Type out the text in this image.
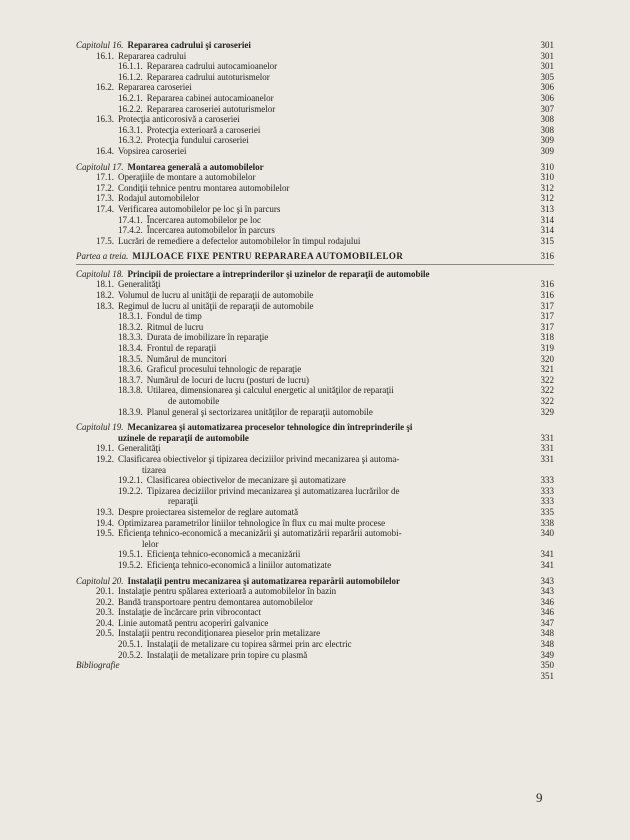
Capitolul 16. Repararea cadrului şi caroseriei	301
16.1. Repararea cadrului	301
16.1.1. Repararea cadrului autocamioanelor	301
16.1.2. Repararea cadrului autoturismelor	305
16.2. Repararea caroseriei	306
16.2.1. Repararea cabinei autocamioanelor	306
16.2.2. Repararea caroseriei autoturismelor	307
16.3. Protecţia anticorosivă a caroseriei	308
16.3.1. Protecţia exterioară a caroseriei	308
16.3.2. Protecţia fundului caroseriei	309
16.4. Vopsirea caroseriei	309
Capitolul 17. Montarea generală a automobilelor	310
17.1. Operaţiile de montare a automobilelor	310
17.2. Condiţii tehnice pentru montarea automobilelor	312
17.3. Rodajul automobilelor	312
17.4. Verificarea automobilelor pe loc şi în parcurs	313
17.4.1. Încercarea automobilelor pe loc	314
17.4.2. Încercarea automobilelor în parcurs	314
17.5. Lucrări de remediere a defectelor automobilelor în timpul rodajului	315
Partea a treia. MIJLOACE FIXE PENTRU REPARAREA AUTOMOBILELOR	316
Capitolul 18. Principii de proiectare a întreprinderilor şi uzinelor de reparaţii de automobile
18.1. Generalităţi	316
18.2. Volumul de lucru al unităţii de reparaţii de automobile	316
18.3. Regimul de lucru al unităţii de reparaţii de automobile	317
18.3.1. Fondul de timp	317
18.3.2. Ritmul de lucru	317
18.3.3. Durata de imobilizare în reparaţie	318
18.3.4. Frontul de reparaţii	319
18.3.5. Numărul de muncitori	320
18.3.6. Graficul procesului tehnologic de reparaţie	321
18.3.7. Numărul de locuri de lucru (posturi de lucru)	322
18.3.8. Utilarea, dimensionarea şi calculul energetic al unităţilor de reparaţii	322
de automobile	322
18.3.9. Planul general şi sectorizarea unităţilor de reparaţii automobile	329
Capitolul 19. Mecanizarea şi automatizarea proceselor tehnologice din întreprinderile şi
uzinele de reparaţii de automobile	331
19.1. Generalităţi	331
19.2. Clasificarea obiectivelor şi tipizarea deciziilor privind mecanizarea şi automa-	331
tizarea
19.2.1. Clasificarea obiectivelor de mecanizare şi automatizare	333
19.2.2. Tipizarea deciziilor privind mecanizarea şi automatizarea lucrărilor de	333
reparaţii	333
19.3. Despre proiectarea sistemelor de reglare automată	335
19.4. Optimizarea parametrilor liniilor tehnologice în flux cu mai multe procese	338
19.5. Eficienţa tehnico-economică a mecanizării şi automatizării reparării automobi-	340
lelor
19.5.1. Eficienţa tehnico-economică a mecanizării	341
19.5.2. Eficienţa tehnico-economică a liniilor automatizate	341
Capitolul 20. Instalaţii pentru mecanizarea şi automatizarea reparării automobilelor	343
20.1. Instalaţie pentru spălarea exterioară a automobilelor în bazin	343
20.2. Bandă transportoare pentru demontarea automobilelor	346
20.3. Instalaţie de încărcare prin vibrocontact	346
20.4. Linie automată pentru acoperiri galvanice	347
20.5. Instalaţii pentru recondiţionarea pieselor prin metalizare	348
20.5.1. Instalaţii de metalizare cu topirea sârmei prin arc electric	348
20.5.2. Instalaţii de metalizare prin topire cu plasmă	349
Bibliografie	350
351
9
